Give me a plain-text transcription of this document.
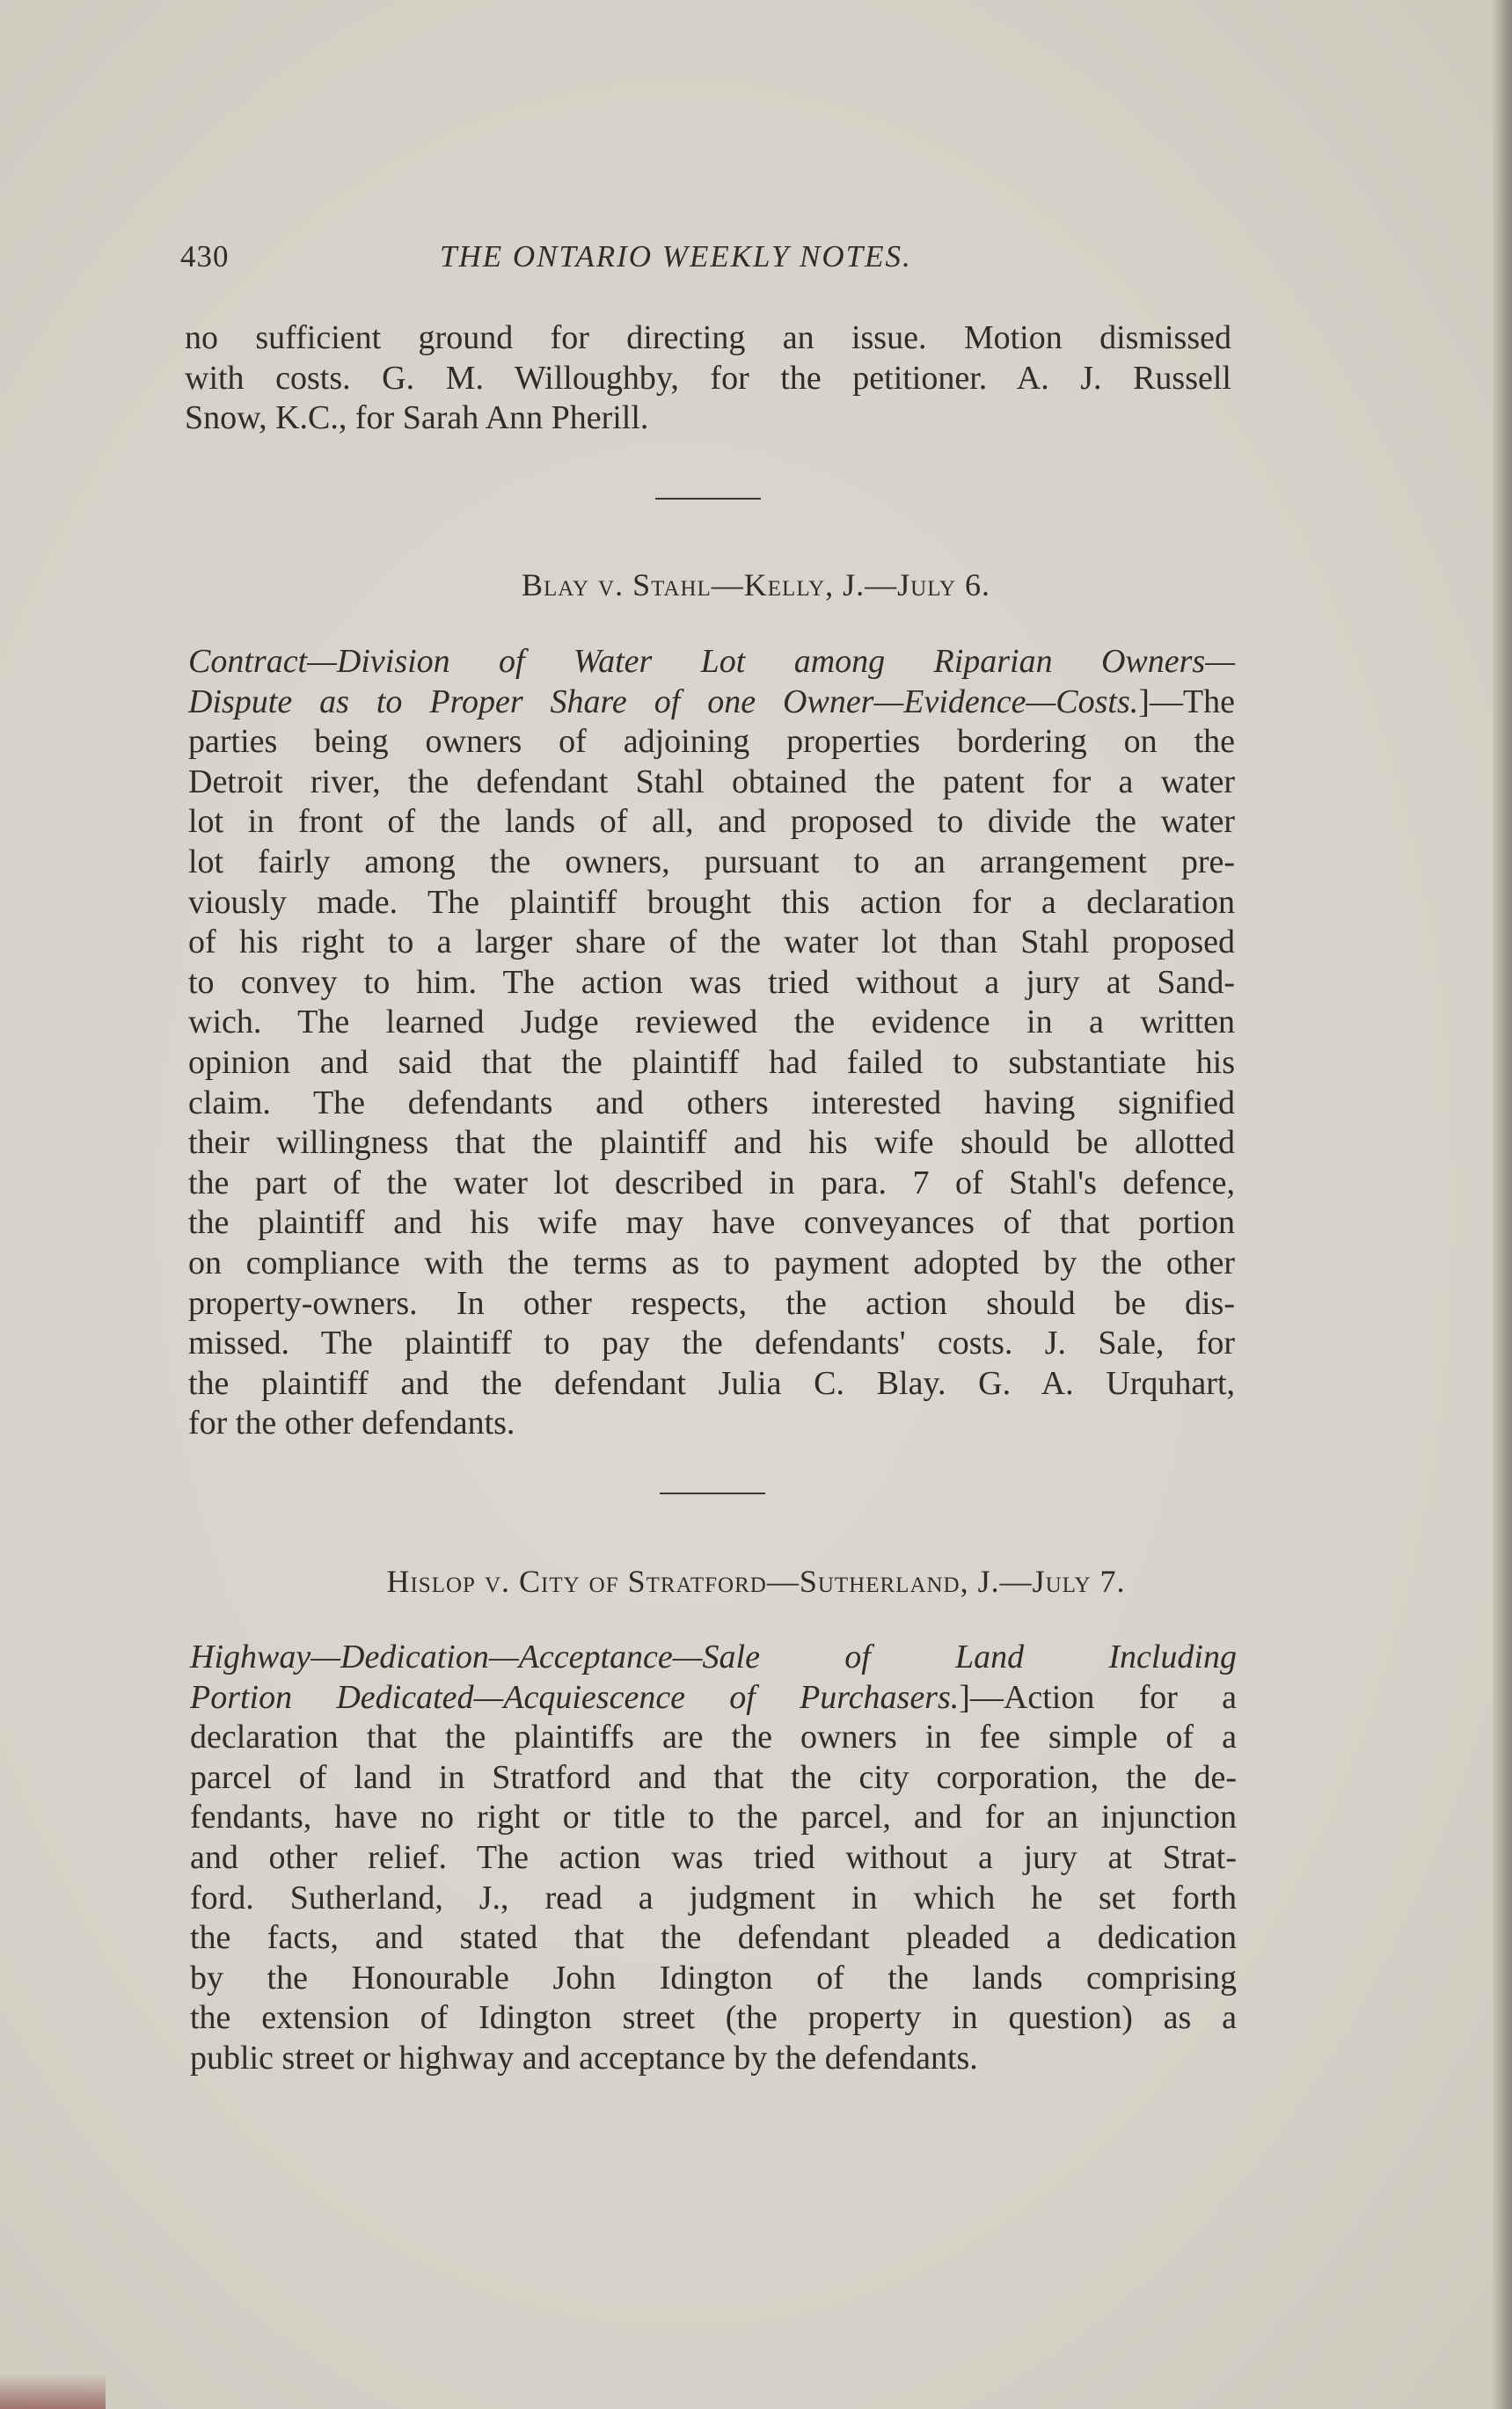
430	THE ONTARIO WEEKLY NOTES.
no sufficient ground for directing an issue. Motion dismissed
with costs. G. M. Willoughby, for the petitioner. A. J. Russell
Snow, K.C., for Sarah Ann Pherill.
Blay v. Stahl—Kelly, J.—July 6.
Contract—Division of Water Lot among Riparian Owners—
Dispute as to Proper Share of one Owner—Evidence—Costs.]—The
parties being owners of adjoining properties bordering on the
Detroit river, the defendant Stahl obtained the patent for a water
lot in front of the lands of all, and proposed to divide the water
lot fairly among the owners, pursuant to an arrangement pre-
viously made. The plaintiff brought this action for a declaration
of his right to a larger share of the water lot than Stahl proposed
to convey to him. The action was tried without a jury at Sand-
wich. The learned Judge reviewed the evidence in a written
opinion and said that the plaintiff had failed to substantiate his
claim. The defendants and others interested having signified
their willingness that the plaintiff and his wife should be allotted
the part of the water lot described in para. 7 of Stahl's defence,
the plaintiff and his wife may have conveyances of that portion
on compliance with the terms as to payment adopted by the other
property-owners. In other respects, the action should be dis-
missed. The plaintiff to pay the defendants' costs. J. Sale, for
the plaintiff and the defendant Julia C. Blay. G. A. Urquhart,
for the other defendants.
Hislop v. City of Stratford—Sutherland, J.—July 7.
Highway—Dedication—Acceptance—Sale of Land Including
Portion Dedicated—Acquiescence of Purchasers.]—Action for a
declaration that the plaintiffs are the owners in fee simple of a
parcel of land in Stratford and that the city corporation, the de-
fendants, have no right or title to the parcel, and for an injunction
and other relief. The action was tried without a jury at Strat-
ford. Sutherland, J., read a judgment in which he set forth
the facts, and stated that the defendant pleaded a dedication
by the Honourable John Idington of the lands comprising
the extension of Idington street (the property in question) as a
public street or highway and acceptance by the defendants.
